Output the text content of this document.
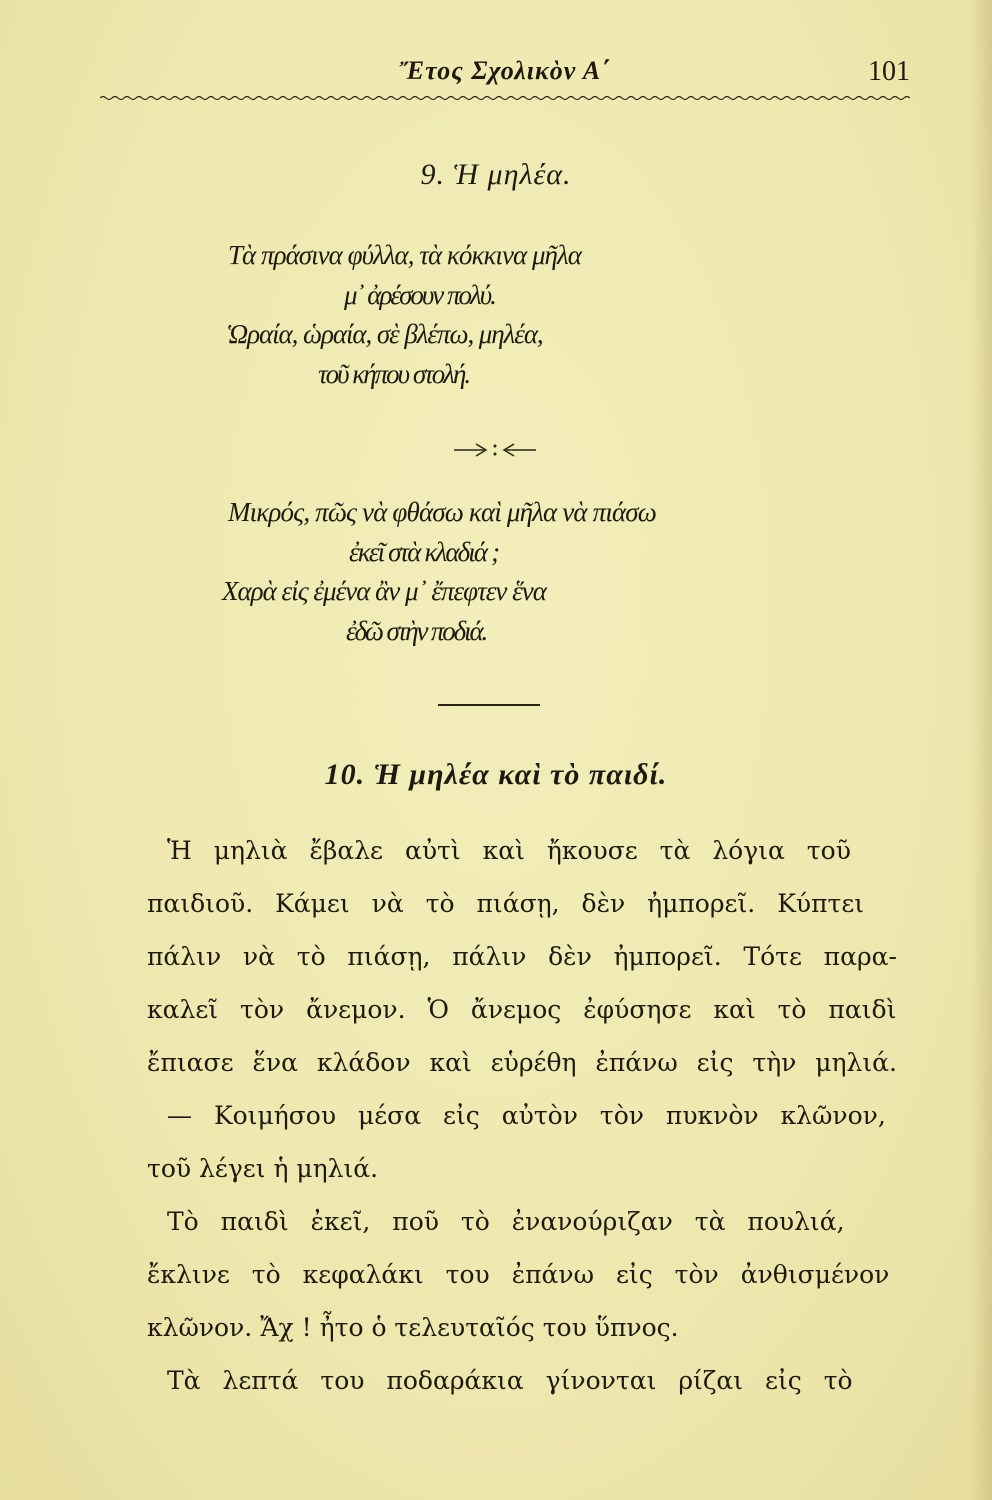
Ἔτος Σχολικὸν Α΄	101
9. Ἡ μηλέα.
Τὰ πράσινα φύλλα, τὰ κόκκινα μῆλα
μ᾽ ἀρέσουν πολύ.
Ὡραία, ὡραία, σὲ βλέπω, μηλέα,
τοῦ κήπου στολή.
→⁝←
Μικρός, πῶς νὰ φθάσω καὶ μῆλα νὰ πιάσω
ἐκεῖ στὰ κλαδιά ;
Χαρὰ εἰς ἐμένα ἂν μ᾽ ἔπεφτεν ἕνα
ἐδῶ στὴν ποδιά.
10. Ἡ μηλέα καὶ τὸ παιδί.
Ἡ μηλιὰ ἔβαλε αὐτὶ καὶ ἤκουσε τὰ λόγια τοῦ
παιδιοῦ. Κάμει νὰ τὸ πιάσῃ, δὲν ἠμπορεῖ. Κύπτει
πάλιν νὰ τὸ πιάσῃ, πάλιν δὲν ἠμπορεῖ. Τότε παρα-
καλεῖ τὸν ἄνεμον. Ὁ ἄνεμος ἐφύσησε καὶ τὸ παιδὶ
ἔπιασε ἕνα κλάδον καὶ εὑρέθη ἐπάνω εἰς τὴν μηλιά.
— Κοιμήσου μέσα εἰς αὐτὸν τὸν πυκνὸν κλῶνον,
τοῦ λέγει ἡ μηλιά.
Τὸ παιδὶ ἐκεῖ, ποῦ τὸ ἐνανούριζαν τὰ πουλιά,
ἔκλινε τὸ κεφαλάκι του ἐπάνω εἰς τὸν ἀνθισμένον
κλῶνον. Ἄχ ! ἦτο ὁ τελευταῖός του ὕπνος.
Τὰ λεπτά του ποδαράκια γίνονται ρίζαι εἰς τὸ
